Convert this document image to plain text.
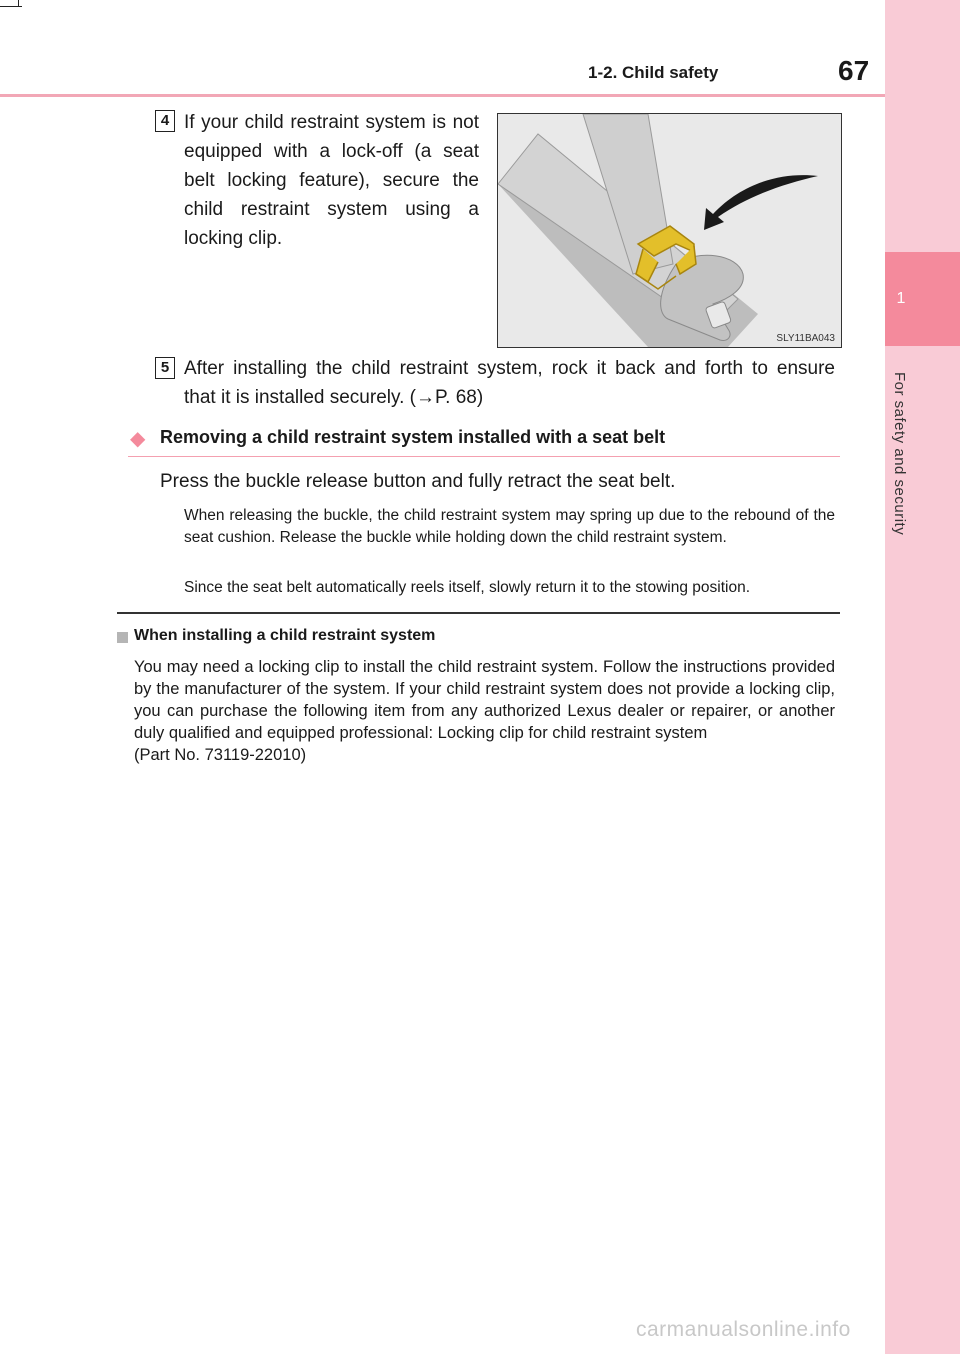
1
For safety and security
1-2. Child safety	67
4 If your child restraint system is not equipped with a lock-off (a seat belt locking feature), secure the child restraint system using a locking clip.
SLY11BA043
5 After installing the child restraint system, rock it back and forth to ensure
that it is installed securely. (→P. 68)
◆ Removing a child restraint system installed with a seat belt
Press the buckle release button and fully retract the seat belt.
When releasing the buckle, the child restraint system may spring up due to the rebound of the seat cushion. Release the buckle while holding down the child restraint system.
Since the seat belt automatically reels itself, slowly return it to the stowing position.
When installing a child restraint system
You may need a locking clip to install the child restraint system. Follow the instructions provided by the manufacturer of the system. If your child restraint system does not provide a locking clip, you can purchase the following item from any authorized Lexus dealer or repairer, or another duly qualified and equipped professional: Locking clip for child restraint system
(Part No. 73119-22010)
carmanualsonline.info
